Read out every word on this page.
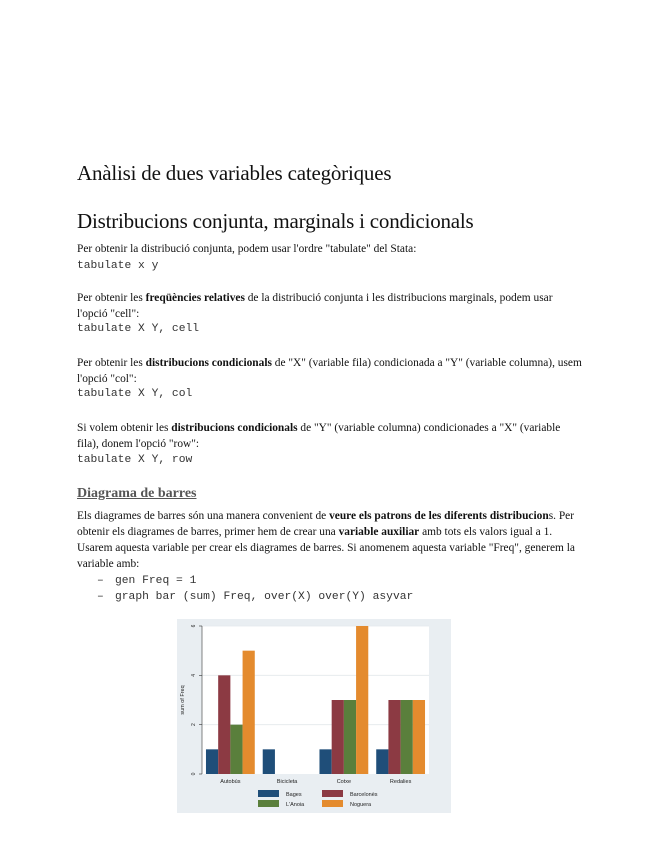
Anàlisi de dues variables categòriques
Distribucions conjunta, marginals i condicionals

Per obtenir la distribució conjunta, podem usar l'ordre "tabulate" del Stata:

tabulate x y

Per obtenir les freqüències relatives de la distribució conjunta i les distribucions marginals, podem usar l'opció "cell":

tabulate X Y, cell

Per obtenir les distribucions condicionals de "X" (variable fila) condicionada a "Y" (variable columna), usem l'opció "col":

tabulate X Y, col

Si volem obtenir les distribucions condicionals de "Y" (variable columna) condicionades a "X" (variable fila), donem l'opció "row":

tabulate X Y, row
Diagrama de barres

Els diagrames de barres són una manera convenient de veure els patrons de les diferents distribucions. Per obtenir els diagrames de barres, primer hem de crear una variable auxiliar amb tots els valors igual a 1. Usarem aquesta variable per crear els diagrames de barres. Si anomenem aquesta variable "Freq", generem la variable amb:

– gen Freq = 1
– graph bar (sum) Freq, over(X) over(Y) asyvar
0
2
4
6
sum of Freq
Autobús	Bicicleta	Cotxe	Redalies
Bages	Barcelonès
L'Anoia	Noguera
